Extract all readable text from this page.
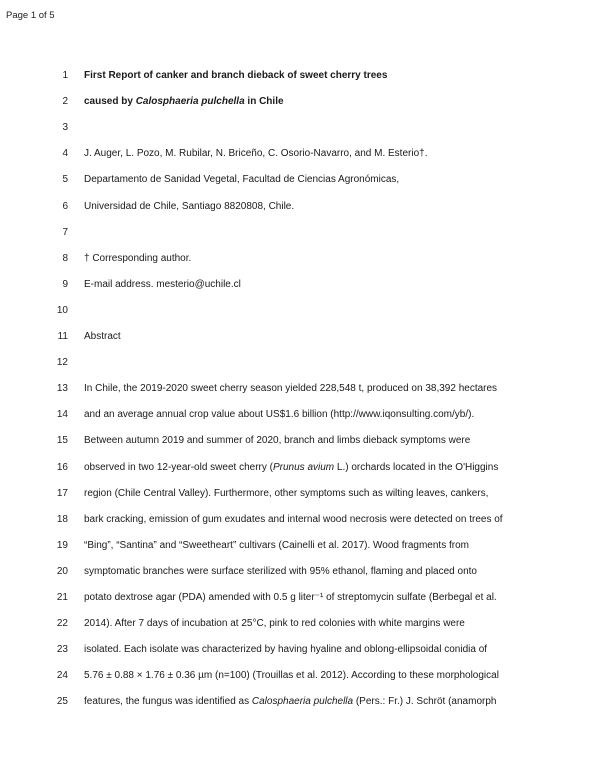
Page 1 of 5
1 First Report of canker and branch dieback of sweet cherry trees
2 caused by Calosphaeria pulchella in Chile
3
4 J. Auger, L. Pozo, M. Rubilar, N. Briceño, C. Osorio-Navarro, and M. Esterio†.
5 Departamento de Sanidad Vegetal, Facultad de Ciencias Agronómicas,
6 Universidad de Chile, Santiago 8820808, Chile.
7
8 † Corresponding author.
9 E-mail address. mesterio@uchile.cl
10
11 Abstract
12
13 In Chile, the 2019-2020 sweet cherry season yielded 228,548 t, produced on 38,392 hectares
14 and an average annual crop value about US$1.6 billion (http://www.iqonsulting.com/yb/).
15 Between autumn 2019 and summer of 2020, branch and limbs dieback symptoms were
16 observed in two 12-year-old sweet cherry (Prunus avium L.) orchards located in the O'Higgins
17 region (Chile Central Valley). Furthermore, other symptoms such as wilting leaves, cankers,
18 bark cracking, emission of gum exudates and internal wood necrosis were detected on trees of
19 “Bing”, “Santina” and “Sweetheart” cultivars (Cainelli et al. 2017). Wood fragments from
20 symptomatic branches were surface sterilized with 95% ethanol, flaming and placed onto
21 potato dextrose agar (PDA) amended with 0.5 g liter⁻¹ of streptomycin sulfate (Berbegal et al.
22 2014). After 7 days of incubation at 25°C, pink to red colonies with white margins were
23 isolated. Each isolate was characterized by having hyaline and oblong-ellipsoidal conidia of
24 5.76 ± 0.88 × 1.76 ± 0.36 µm (n=100) (Trouillas et al. 2012). According to these morphological
25 features, the fungus was identified as Calosphaeria pulchella (Pers.: Fr.) J. Schröt (anamorph
